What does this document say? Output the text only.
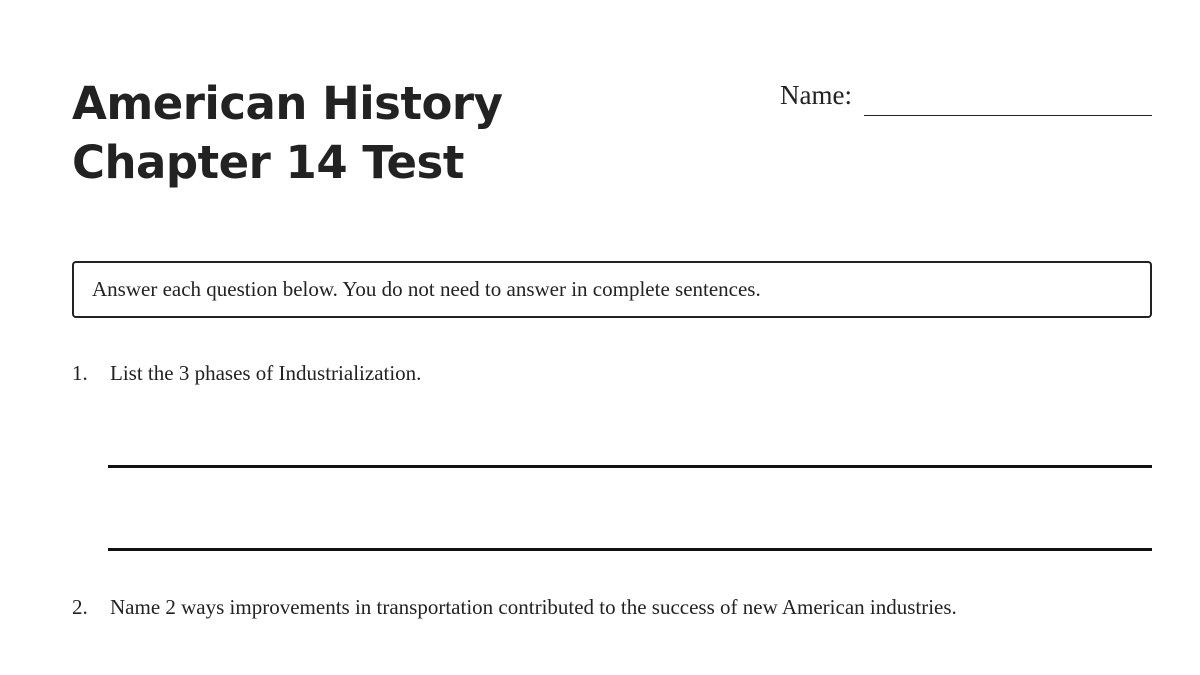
American History
Chapter 14 Test
Name:
Answer each question below. You do not need to answer in complete sentences.
1. List the 3 phases of Industrialization.
2. Name 2 ways improvements in transportation contributed to the success of new American industries.
